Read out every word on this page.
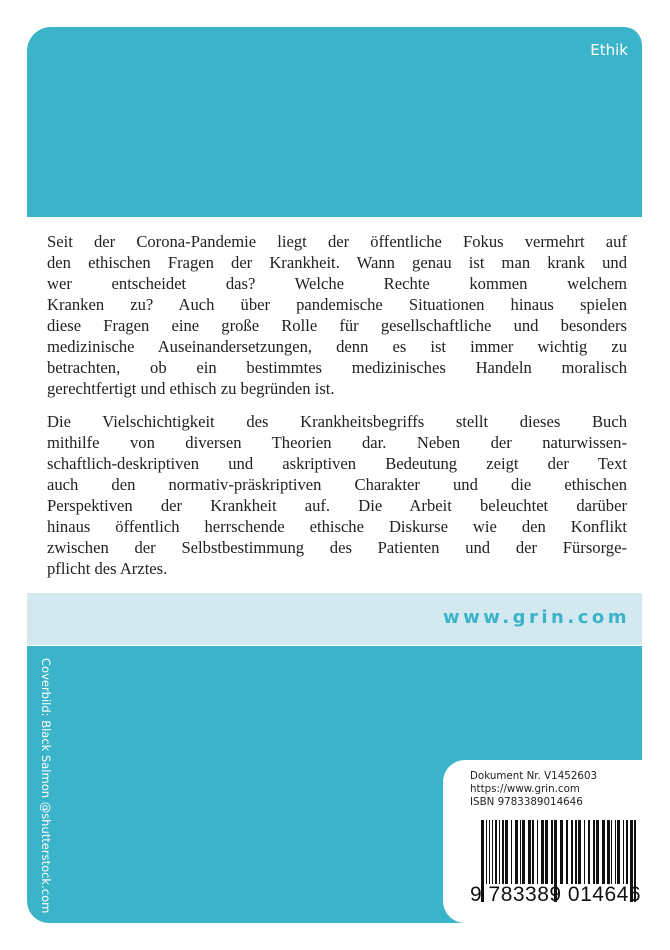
Ethik
Seit der Corona-Pandemie liegt der öffentliche Fokus vermehrt auf
den ethischen Fragen der Krankheit. Wann genau ist man krank und
wer entscheidet das? Welche Rechte kommen welchem
Kranken zu? Auch über pandemische Situationen hinaus spielen
diese Fragen eine große Rolle für gesellschaftliche und besonders
medizinische Auseinandersetzungen, denn es ist immer wichtig zu
betrachten, ob ein bestimmtes medizinisches Handeln moralisch
gerechtfertigt und ethisch zu begründen ist.
Die Vielschichtigkeit des Krankheitsbegriffs stellt dieses Buch
mithilfe von diversen Theorien dar. Neben der naturwissen-
schaftlich-deskriptiven und askriptiven Bedeutung zeigt der Text
auch den normativ-präskriptiven Charakter und die ethischen
Perspektiven der Krankheit auf. Die Arbeit beleuchtet darüber
hinaus öffentlich herrschende ethische Diskurse wie den Konflikt
zwischen der Selbstbestimmung des Patienten und der Fürsorge-
pflicht des Arztes.
www.grin.com
Coverbild: Black Salmon @shutterstock.com	Dokument Nr. V1452603
https://www.grin.com
ISBN 9783389014646
9 783389 014646
